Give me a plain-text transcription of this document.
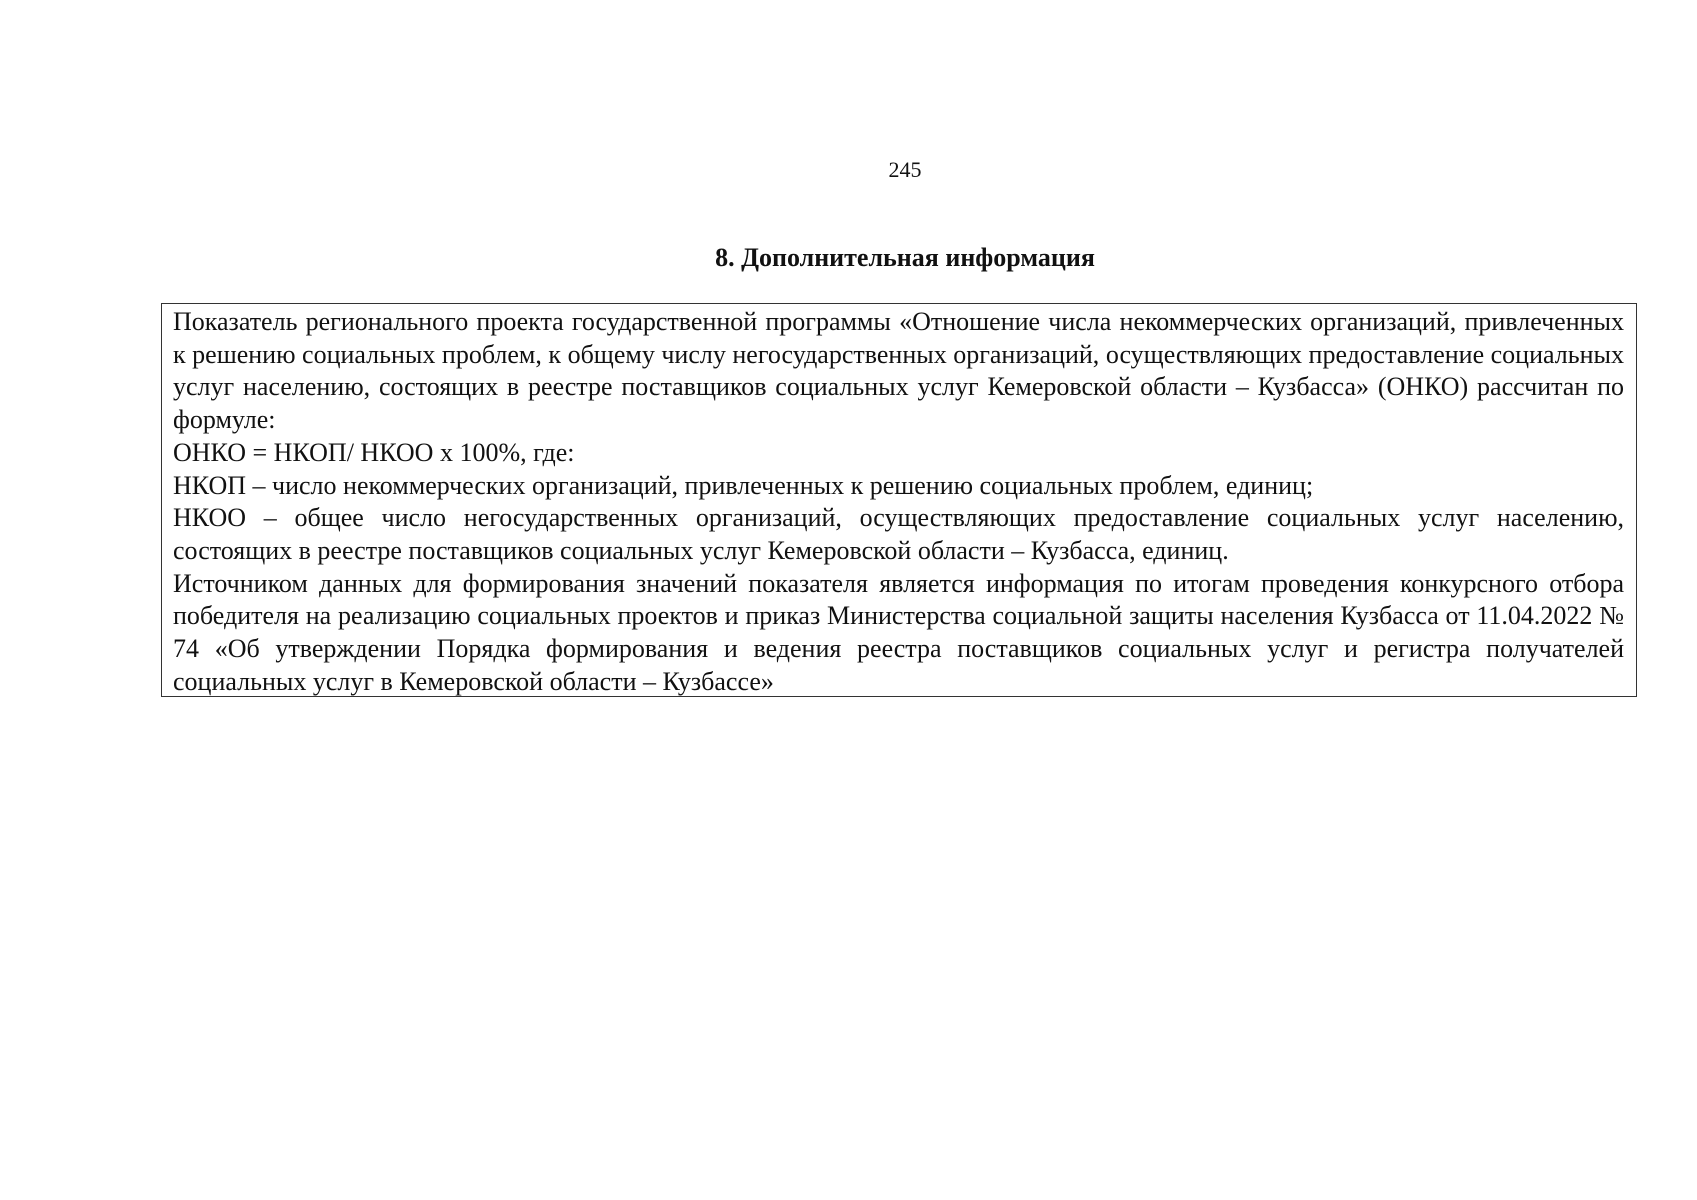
245
8. Дополнительная информация

Показатель регионального проекта государственной программы «Отношение числа некоммерческих организаций, привлеченных к решению социальных проблем, к общему числу негосударственных организаций, осуществляющих предоставление социальных услуг населению, состоящих в реестре поставщиков социальных услуг Кемеровской области – Кузбасса» (ОНКО) рассчитан по формуле:

ОНКО = НКОП/ НКОО х 100%, где:

НКОП – число некоммерческих организаций, привлеченных к решению социальных проблем, единиц;

НКОО – общее число негосударственных организаций, осуществляющих предоставление социальных услуг населению, состоящих в реестре поставщиков социальных услуг Кемеровской области – Кузбасса, единиц.

Источником данных для формирования значений показателя является информация по итогам проведения конкурсного отбора победителя на реализацию социальных проектов и приказ Министерства социальной защиты населения Кузбасса от 11.04.2022 № 74 «Об утверждении Порядка формирования и ведения реестра поставщиков социальных услуг и регистра получателей социальных услуг в Кемеровской области – Кузбассе»
